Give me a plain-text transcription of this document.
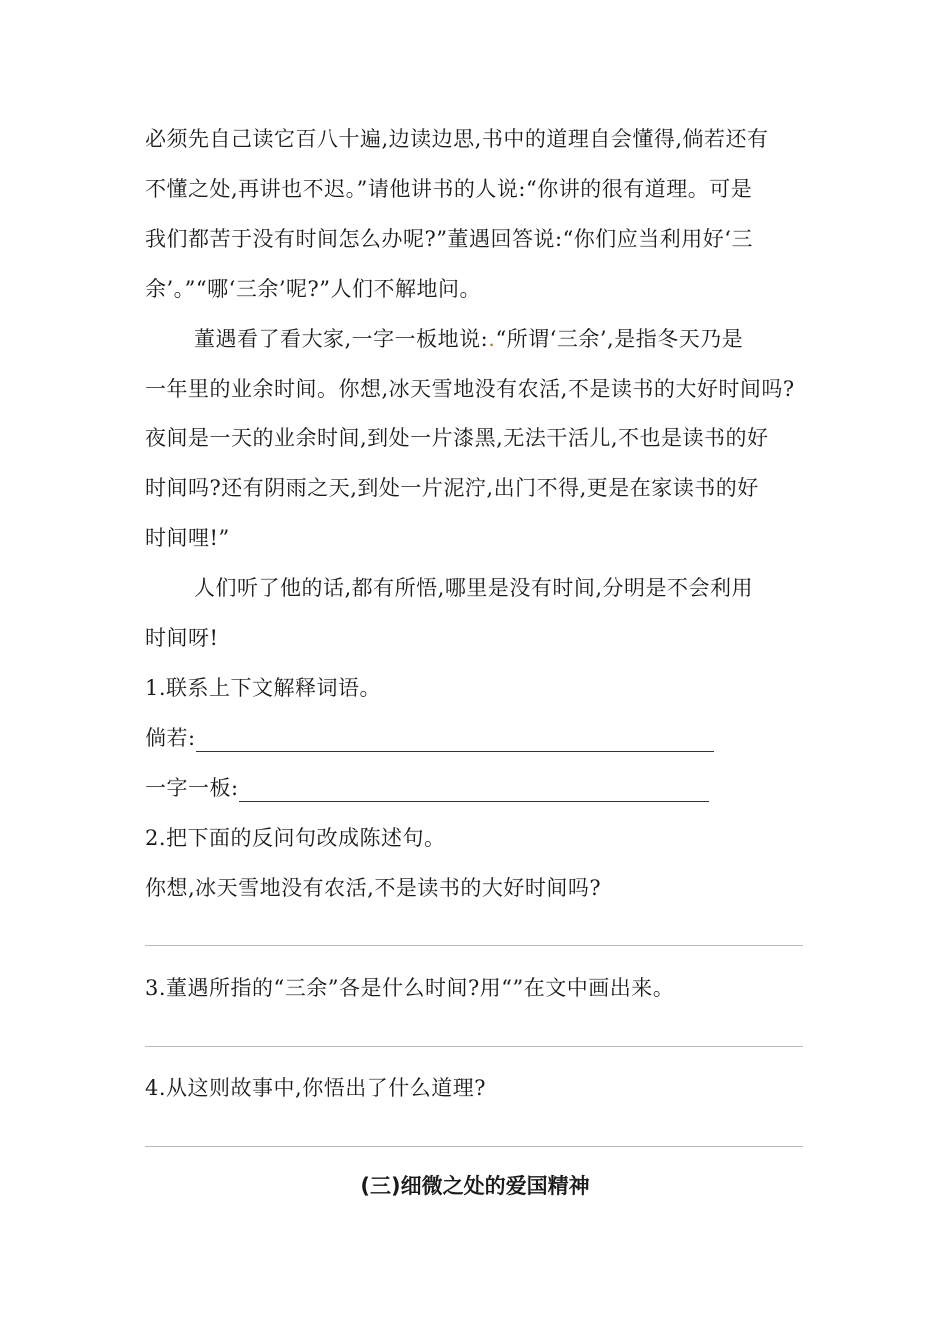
必须先自己读它百八十遍,边读边思,书中的道理自会懂得,倘若还有
不懂之处,再讲也不迟。”请他讲书的人说:“你讲的很有道理。可是
我们都苦于没有时间怎么办呢?”董遇回答说:“你们应当利用好‘三
余’。”“哪‘三余’呢?”人们不解地问。
董遇看了看大家,一字一板地说:.“所谓‘三余’,是指冬天乃是
一年里的业余时间。你想,冰天雪地没有农活,不是读书的大好时间吗?
夜间是一天的业余时间,到处一片漆黑,无法干活儿,不也是读书的好
时间吗?还有阴雨之天,到处一片泥泞,出门不得,更是在家读书的好
时间哩!”
人们听了他的话,都有所悟,哪里是没有时间,分明是不会利用
时间呀!
1.联系上下文解释词语。
倘若:
一字一板:
2.把下面的反问句改成陈述句。
你想,冰天雪地没有农活,不是读书的大好时间吗?
3.董遇所指的“三余”各是什么时间?用“”在文中画出来。
4.从这则故事中,你悟出了什么道理?
(三)细微之处的爱国精神
